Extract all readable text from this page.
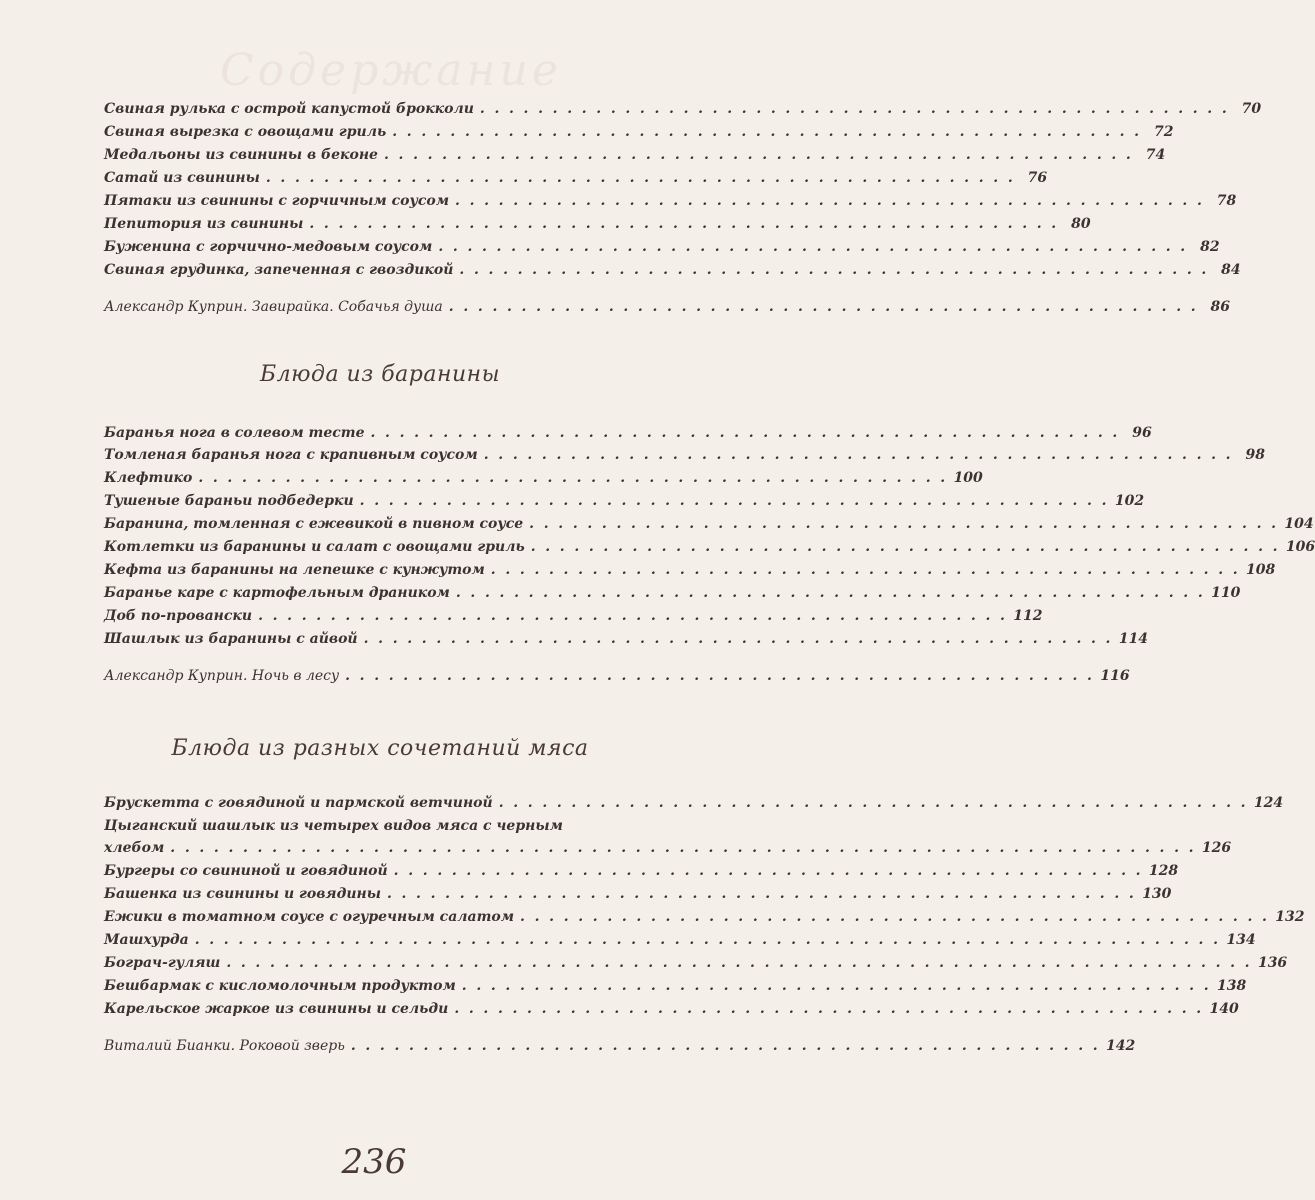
Содержание
Свиная рулька с острой капустой брокколи . . . . . . . . . . . . . . . . . . . . . . . . . . . . . . . . . . . . . . . . . . . . . . . . . . . . 70
Свиная вырезка с овощами гриль . . . . . . . . . . . . . . . . . . . . . . . . . . . . . . . . . . . . . . . . . . . . . . . . . . . . 72
Медальоны из свинины в беконе . . . . . . . . . . . . . . . . . . . . . . . . . . . . . . . . . . . . . . . . . . . . . . . . . . . . 74
Сатай из свинины . . . . . . . . . . . . . . . . . . . . . . . . . . . . . . . . . . . . . . . . . . . . . . . . . . . . 76
Пятаки из свинины с горчичным соусом . . . . . . . . . . . . . . . . . . . . . . . . . . . . . . . . . . . . . . . . . . . . . . . . . . . . 78
Пепитория из свинины . . . . . . . . . . . . . . . . . . . . . . . . . . . . . . . . . . . . . . . . . . . . . . . . . . . . 80
Буженина с горчично-медовым соусом . . . . . . . . . . . . . . . . . . . . . . . . . . . . . . . . . . . . . . . . . . . . . . . . . . . . 82
Свиная грудинка, запеченная с гвоздикой . . . . . . . . . . . . . . . . . . . . . . . . . . . . . . . . . . . . . . . . . . . . . . . . . . . . 84
Александр Куприн. Завирайка. Собачья душа . . . . . . . . . . . . . . . . . . . . . . . . . . . . . . . . . . . . . . . . . . . . . . . . . . . . 86
Блюда из баранины
Баранья нога в солевом тесте . . . . . . . . . . . . . . . . . . . . . . . . . . . . . . . . . . . . . . . . . . . . . . . . . . . . 96
Томленая баранья нога с крапивным соусом . . . . . . . . . . . . . . . . . . . . . . . . . . . . . . . . . . . . . . . . . . . . . . . . . . . . 98
Клефтико . . . . . . . . . . . . . . . . . . . . . . . . . . . . . . . . . . . . . . . . . . . . . . . . . . . . 100
Тушеные бараньи подбедерки . . . . . . . . . . . . . . . . . . . . . . . . . . . . . . . . . . . . . . . . . . . . . . . . . . . . 102
Баранина, томленная с ежевикой в пивном соусе . . . . . . . . . . . . . . . . . . . . . . . . . . . . . . . . . . . . . . . . . . . . . . . . . . . . 104
Котлетки из баранины и салат с овощами гриль . . . . . . . . . . . . . . . . . . . . . . . . . . . . . . . . . . . . . . . . . . . . . . . . . . . . 106
Кефта из баранины на лепешке с кунжутом . . . . . . . . . . . . . . . . . . . . . . . . . . . . . . . . . . . . . . . . . . . . . . . . . . . . 108
Баранье каре с картофельным драником . . . . . . . . . . . . . . . . . . . . . . . . . . . . . . . . . . . . . . . . . . . . . . . . . . . . 110
Доб по-провански . . . . . . . . . . . . . . . . . . . . . . . . . . . . . . . . . . . . . . . . . . . . . . . . . . . . 112
Шашлык из баранины с айвой . . . . . . . . . . . . . . . . . . . . . . . . . . . . . . . . . . . . . . . . . . . . . . . . . . . . 114
Александр Куприн. Ночь в лесу . . . . . . . . . . . . . . . . . . . . . . . . . . . . . . . . . . . . . . . . . . . . . . . . . . . . 116
Блюда из разных сочетаний мяса
Брускетта с говядиной и пармской ветчиной . . . . . . . . . . . . . . . . . . . . . . . . . . . . . . . . . . . . . . . . . . . . . . . . . . . . 124
Цыганский шашлык из четырех видов мяса с черным
хлебом . . . . . . . . . . . . . . . . . . . . . . . . . . . . . . . . . . . . . . . . . . . . . . . . . . . . . . . . . . . . . . . . . . . . . . . 126
Бургеры со свининой и говядиной . . . . . . . . . . . . . . . . . . . . . . . . . . . . . . . . . . . . . . . . . . . . . . . . . . . . 128
Башенка из свинины и говядины . . . . . . . . . . . . . . . . . . . . . . . . . . . . . . . . . . . . . . . . . . . . . . . . . . . . 130
Ежики в томатном соусе с огуречным салатом . . . . . . . . . . . . . . . . . . . . . . . . . . . . . . . . . . . . . . . . . . . . . . . . . . . . 132
Машхурда . . . . . . . . . . . . . . . . . . . . . . . . . . . . . . . . . . . . . . . . . . . . . . . . . . . . . . . . . . . . . . . . . . . . . . . 134
Бограч-гуляш . . . . . . . . . . . . . . . . . . . . . . . . . . . . . . . . . . . . . . . . . . . . . . . . . . . . . . . . . . . . . . . . . . . . . . . 136
Бешбармак с кисломолочным продуктом . . . . . . . . . . . . . . . . . . . . . . . . . . . . . . . . . . . . . . . . . . . . . . . . . . . . 138
Карельское жаркое из свинины и сельди . . . . . . . . . . . . . . . . . . . . . . . . . . . . . . . . . . . . . . . . . . . . . . . . . . . . 140
Виталий Бианки. Роковой зверь . . . . . . . . . . . . . . . . . . . . . . . . . . . . . . . . . . . . . . . . . . . . . . . . . . . . 142
236
